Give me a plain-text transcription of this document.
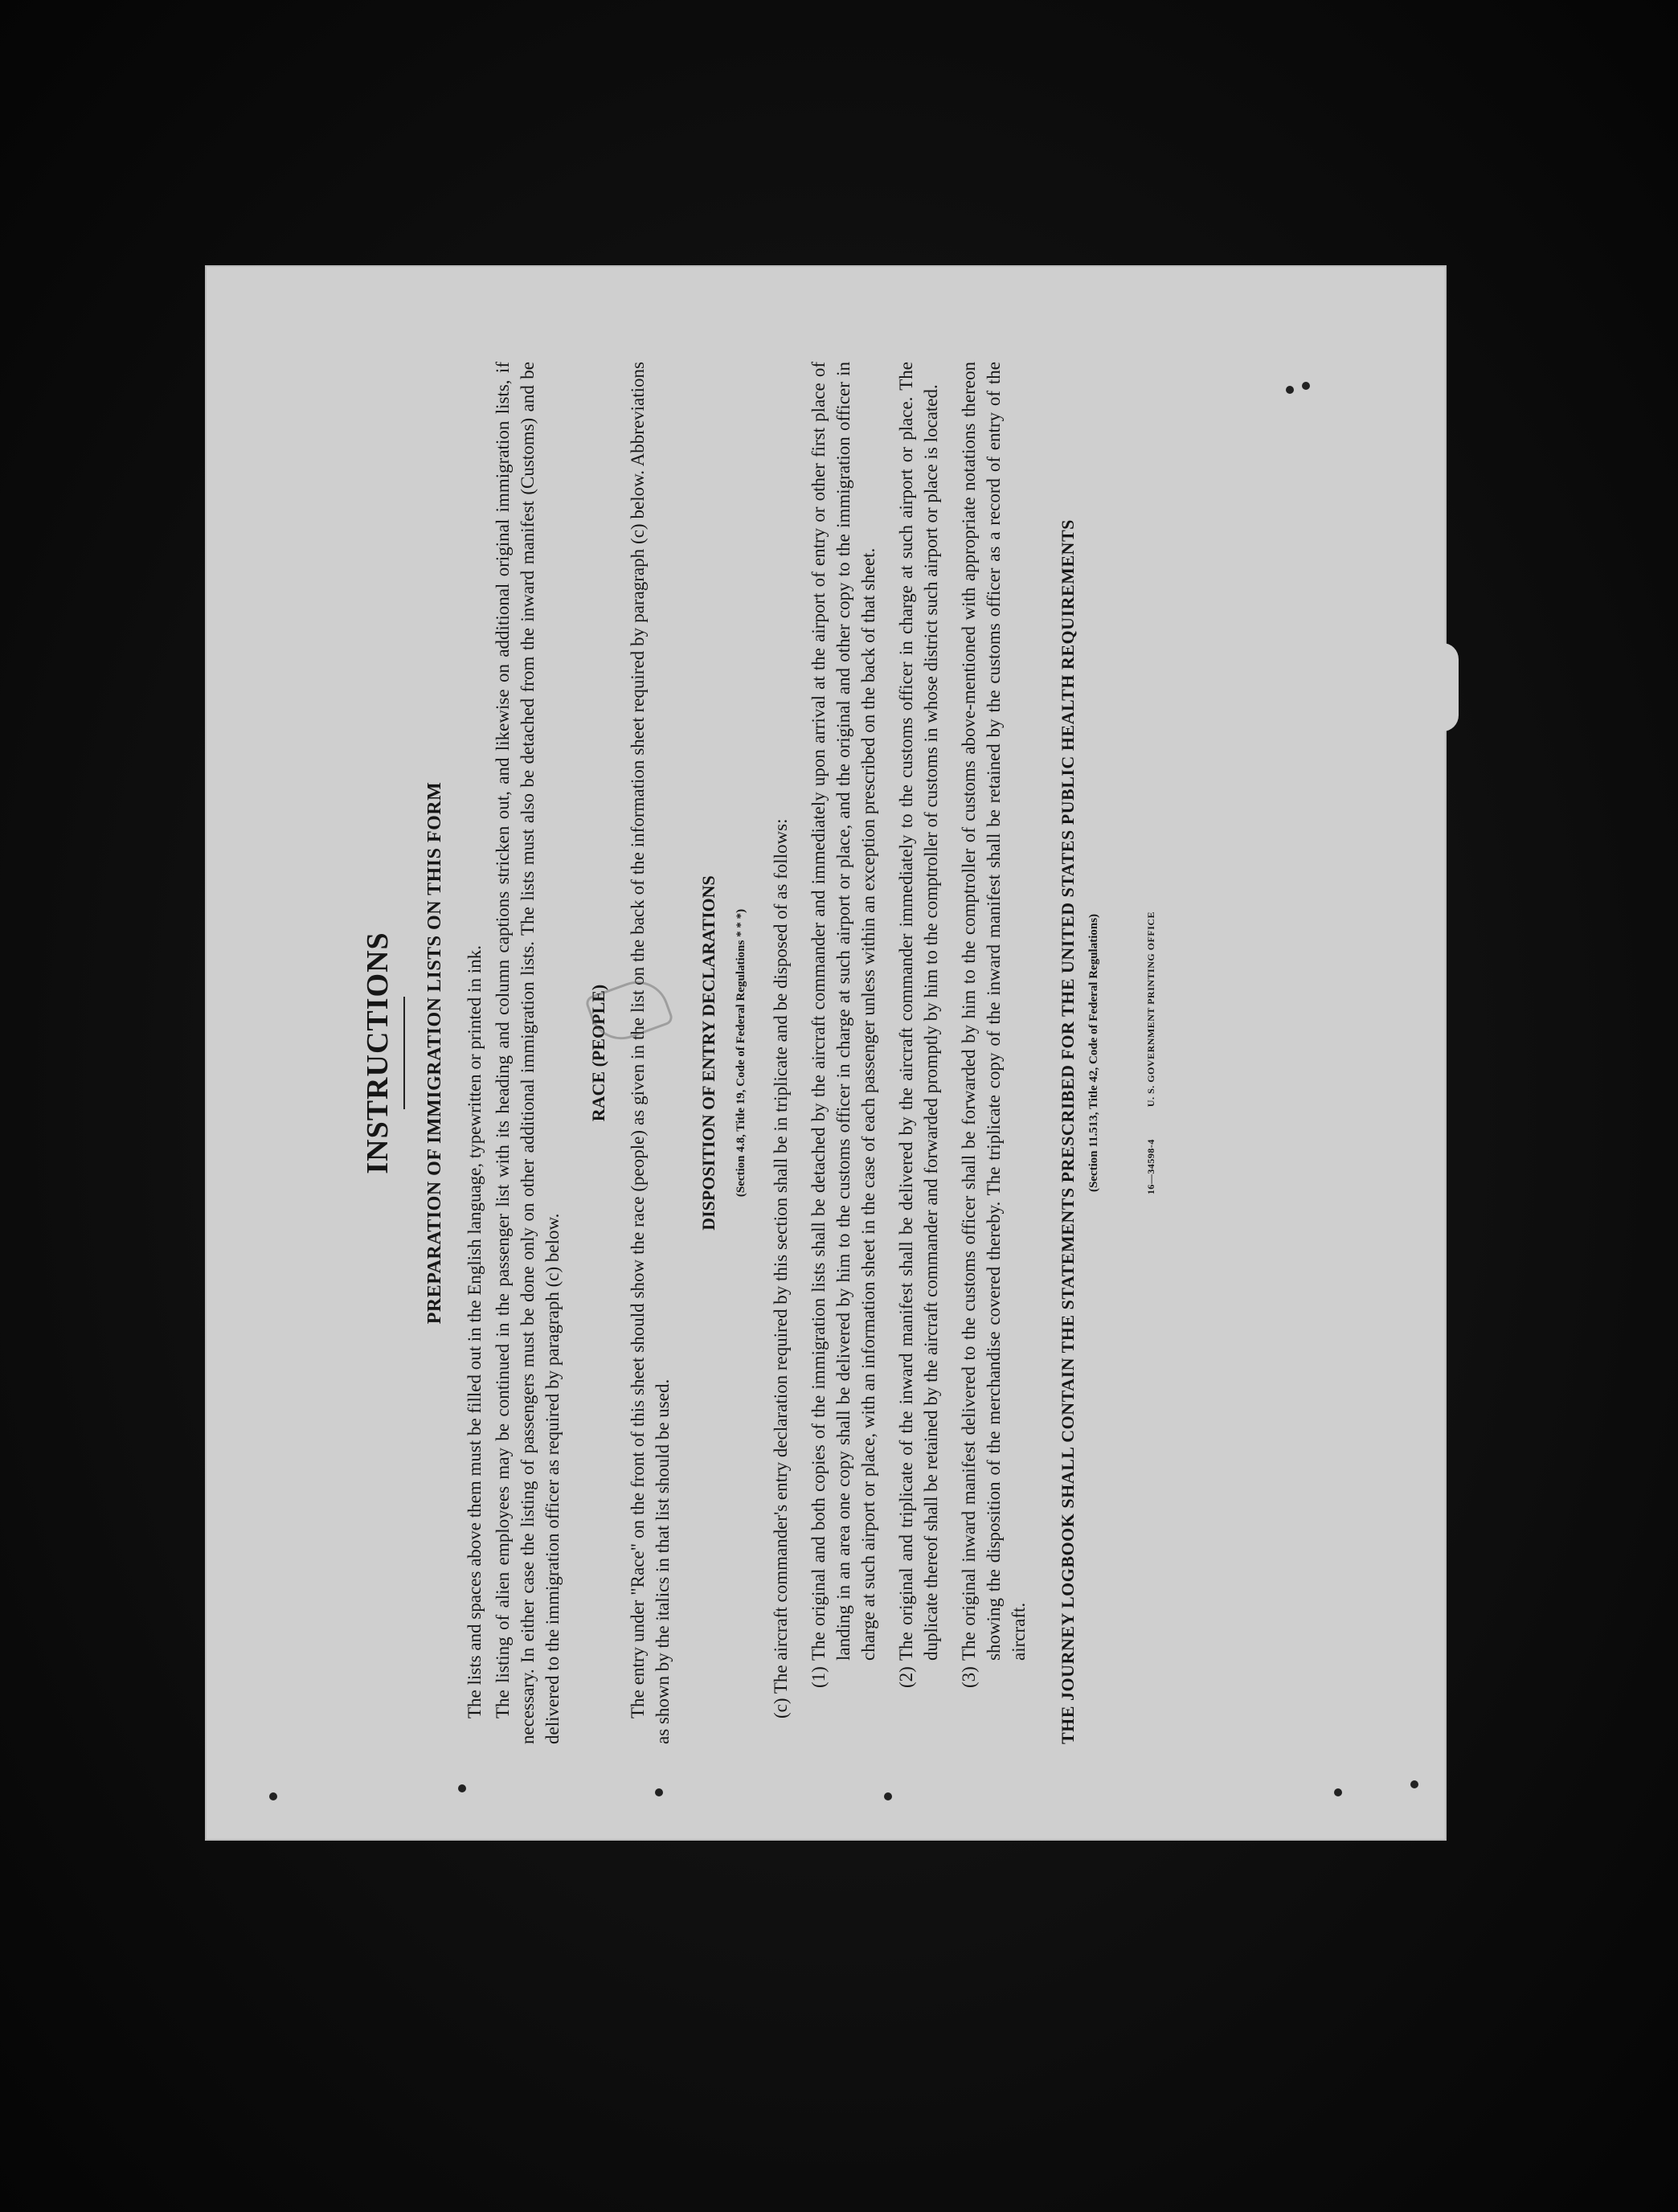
INSTRUCTIONS PREPARATION OF IMMIGRATION LISTS ON THIS FORM The lists and spaces above them must be filled out in the English language, typewritten or printed in ink. The listing of alien employees may be continued in the passenger list with its heading and column captions stricken out, and likewise on additional original immigration lists, if necessary. In either case the listing of passengers must be done only on other additional immigration lists. The lists must also be detached from the inward manifest (Customs) and be delivered to the immigration officer as required by paragraph (c) below.

RACE (PEOPLE) The entry under "Race" on the front of this sheet should show the race (people) as given in the list on the back of the information sheet required by paragraph (c) below. Abbreviations as shown by the italics in that list should be used.

DISPOSITION OF ENTRY DECLARATIONS	(Section 4.8, Title 19, Code of Federal Regulations * * *)	(c) The aircraft commander's entry declaration required by this section shall be in triplicate and be disposed of as follows: (1)
The original and both copies of the immigration lists shall be detached by the aircraft commander and immediately upon arrival at the airport of entry or other first place of landing in an area one copy shall be delivered by him to the customs officer in charge at such airport or place, and the original and other copy to the immigration officer in charge at such airport or place, with an information sheet in the case of each passenger unless within an exception prescribed on the back of that sheet.
(2)
The original and triplicate of the inward manifest shall be delivered by the aircraft commander immediately to the customs officer in charge at such airport or place. The duplicate thereof shall be retained by the aircraft commander and forwarded promptly by him to the comptroller of customs in whose district such airport or place is located.
(3)
The original inward manifest delivered to the customs officer shall be forwarded by him to the comptroller of customs above-mentioned with appropriate notations thereon showing the disposition of the merchandise covered thereby. The triplicate copy of the inward manifest shall be retained by the customs officer as a record of entry of the aircraft. THE JOURNEY LOGBOOK SHALL CONTAIN THE STATEMENTS PRESCRIBED FOR THE UNITED STATES PUBLIC HEALTH REQUIREMENTS (Section 11.513, Title 42, Code of Federal Regulations)	16—34598-4
U. S. GOVERNMENT PRINTING OFFICE
